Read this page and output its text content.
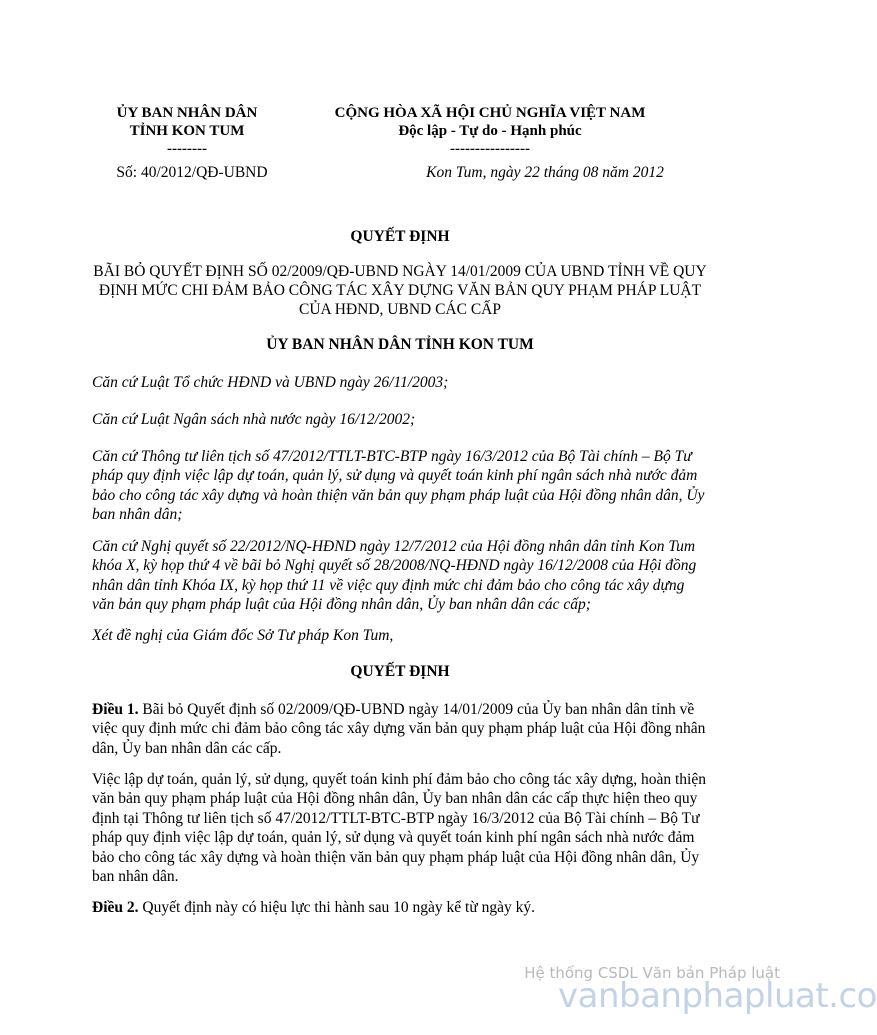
ỦY BAN NHÂN DÂN
TỈNH KON TUM
--------
CỘNG HÒA XÃ HỘI CHỦ NGHĨA VIỆT NAM
Độc lập - Tự do - Hạnh phúc
----------------
Số: 40/2012/QĐ-UBND	Kon Tum, ngày 22 tháng 08 năm 2012
QUYẾT ĐỊNH
BÃI BỎ QUYẾT ĐỊNH SỐ 02/2009/QĐ-UBND NGÀY 14/01/2009 CỦA UBND TỈNH VỀ QUY ĐỊNH MỨC CHI ĐẢM BẢO CÔNG TÁC XÂY DỰNG VĂN BẢN QUY PHẠM PHÁP LUẬT CỦA HĐND, UBND CÁC CẤP
ỦY BAN NHÂN DÂN TỈNH KON TUM

Căn cứ Luật Tổ chức HĐND và UBND ngày 26/11/2003;

Căn cứ Luật Ngân sách nhà nước ngày 16/12/2002;

Căn cứ Thông tư liên tịch số 47/2012/TTLT-BTC-BTP ngày 16/3/2012 của Bộ Tài chính – Bộ Tư pháp quy định việc lập dự toán, quản lý, sử dụng và quyết toán kinh phí ngân sách nhà nước đảm bảo cho công tác xây dựng và hoàn thiện văn bản quy phạm pháp luật của Hội đồng nhân dân, Ủy ban nhân dân;

Căn cứ Nghị quyết số 22/2012/NQ-HĐND ngày 12/7/2012 của Hội đồng nhân dân tỉnh Kon Tum khóa X, kỳ họp thứ 4 về bãi bỏ Nghị quyết số 28/2008/NQ-HĐND ngày 16/12/2008 của Hội đồng nhân dân tỉnh Khóa IX, kỳ họp thứ 11 về việc quy định mức chi đảm bảo cho công tác xây dựng văn bản quy phạm pháp luật của Hội đồng nhân dân, Ủy ban nhân dân các cấp;

Xét đề nghị của Giám đốc Sở Tư pháp Kon Tum,

QUYẾT ĐỊNH

Điều 1. Bãi bỏ Quyết định số 02/2009/QĐ-UBND ngày 14/01/2009 của Ủy ban nhân dân tỉnh về việc quy định mức chi đảm bảo công tác xây dựng văn bản quy phạm pháp luật của Hội đồng nhân dân, Ủy ban nhân dân các cấp.

Việc lập dự toán, quản lý, sử dụng, quyết toán kinh phí đảm bảo cho công tác xây dựng, hoàn thiện văn bản quy phạm pháp luật của Hội đồng nhân dân, Ủy ban nhân dân các cấp thực hiện theo quy định tại Thông tư liên tịch số 47/2012/TTLT-BTC-BTP ngày 16/3/2012 của Bộ Tài chính – Bộ Tư pháp quy định việc lập dự toán, quản lý, sử dụng và quyết toán kinh phí ngân sách nhà nước đảm bảo cho công tác xây dựng và hoàn thiện văn bản quy phạm pháp luật của Hội đồng nhân dân, Ủy ban nhân dân.

Điều 2. Quyết định này có hiệu lực thi hành sau 10 ngày kể từ ngày ký.

Hệ thống CSDL Văn bản Pháp luật
vanbanphapluat.co
